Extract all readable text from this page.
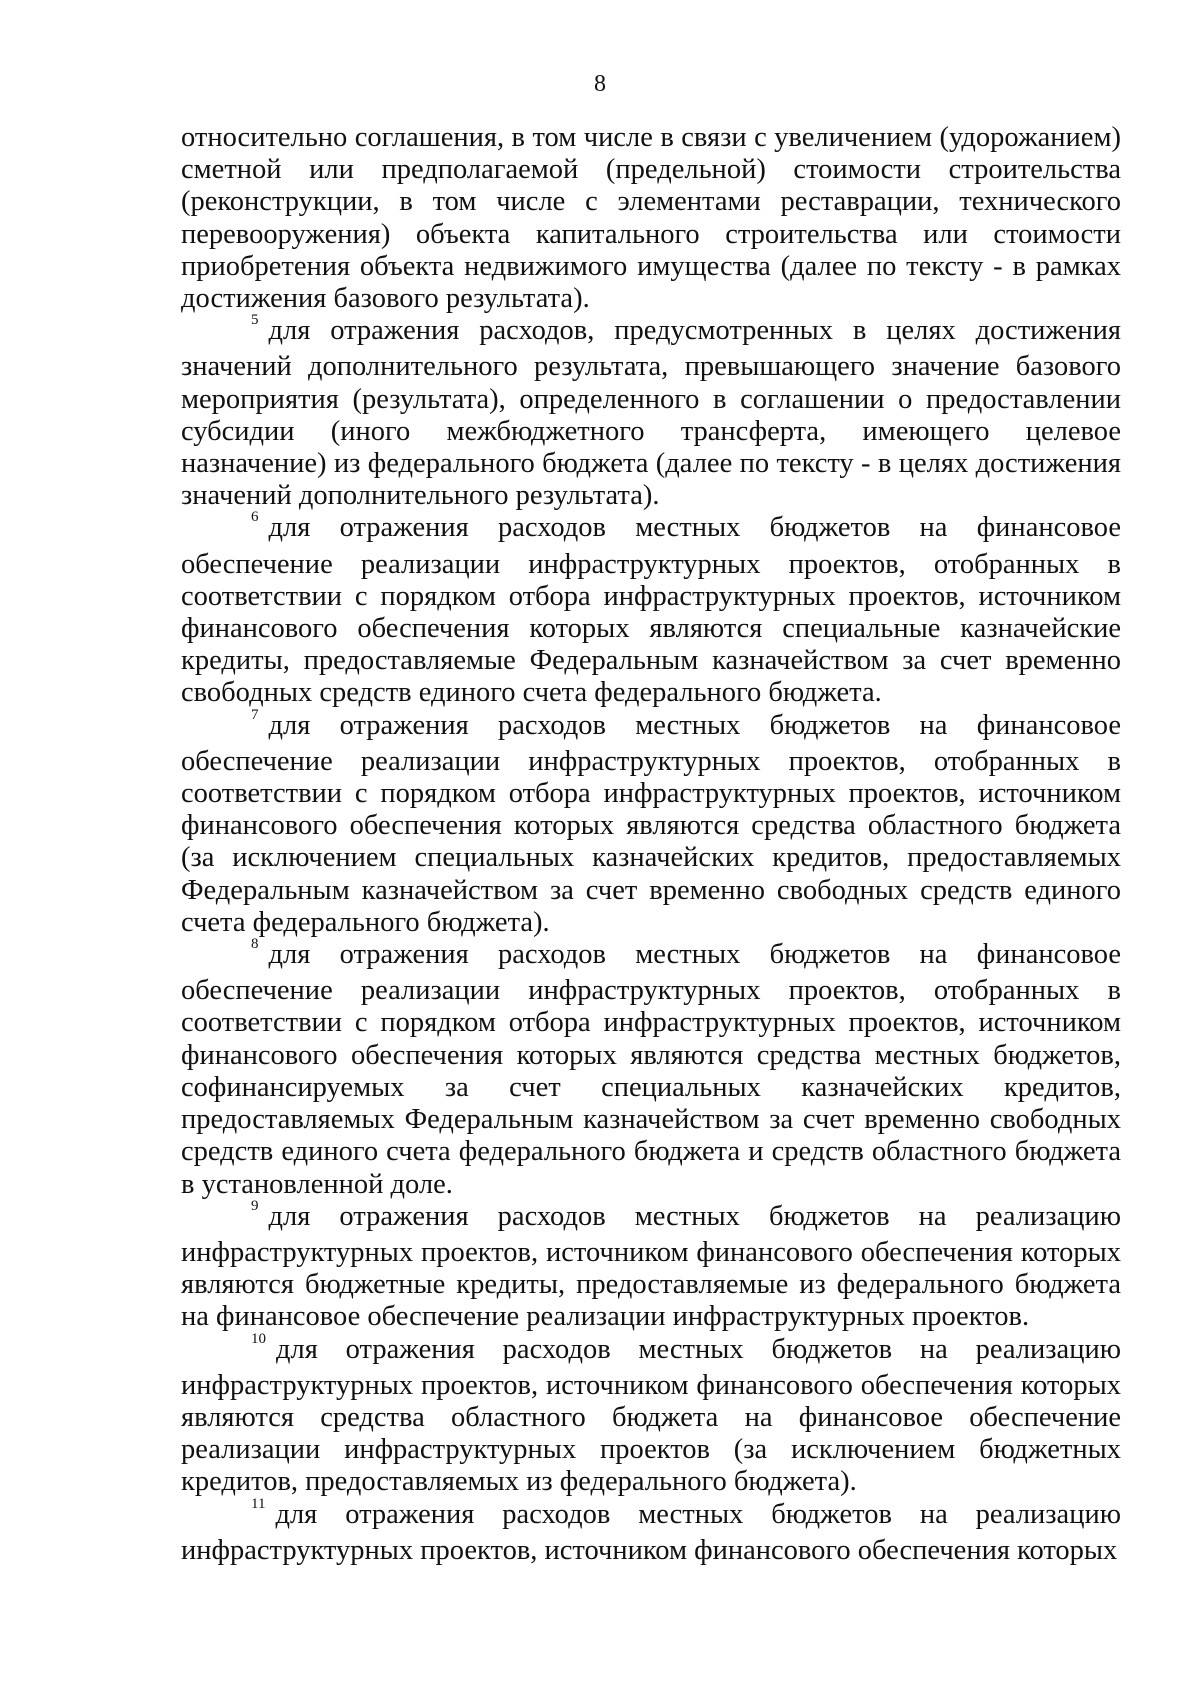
8

относительно соглашения, в том числе в связи с увеличением (удорожанием) сметной или предполагаемой (предельной) стоимости строительства (реконструкции, в том числе с элементами реставрации, технического перевооружения) объекта капитального строительства или стоимости приобретения объекта недвижимого имущества (далее по тексту - в рамках достижения базового результата).

$^5$ для отражения расходов, предусмотренных в целях достижения значений дополнительного результата, превышающего значение базового мероприятия (результата), определенного в соглашении о предоставлении субсидии (иного межбюджетного трансферта, имеющего целевое назначение) из федерального бюджета (далее по тексту - в целях достижения значений дополнительного результата).

$^6$ для отражения расходов местных бюджетов на финансовое обеспечение реализации инфраструктурных проектов, отобранных в соответствии с порядком отбора инфраструктурных проектов, источником финансового обеспечения которых являются специальные казначейские кредиты, предоставляемые Федеральным казначейством за счет временно свободных средств единого счета федерального бюджета.

$^7$ для отражения расходов местных бюджетов на финансовое обеспечение реализации инфраструктурных проектов, отобранных в соответствии с порядком отбора инфраструктурных проектов, источником финансового обеспечения которых являются средства областного бюджета (за исключением специальных казначейских кредитов, предоставляемых Федеральным казначейством за счет временно свободных средств единого счета федерального бюджета).

$^8$ для отражения расходов местных бюджетов на финансовое обеспечение реализации инфраструктурных проектов, отобранных в соответствии с порядком отбора инфраструктурных проектов, источником финансового обеспечения которых являются средства местных бюджетов, софинансируемых за счет специальных казначейских кредитов, предоставляемых Федеральным казначейством за счет временно свободных средств единого счета федерального бюджета и средств областного бюджета в установленной доле.

$^9$ для отражения расходов местных бюджетов на реализацию инфраструктурных проектов, источником финансового обеспечения которых являются бюджетные кредиты, предоставляемые из федерального бюджета на финансовое обеспечение реализации инфраструктурных проектов.

$^{10}$ для отражения расходов местных бюджетов на реализацию инфраструктурных проектов, источником финансового обеспечения которых являются средства областного бюджета на финансовое обеспечение реализации инфраструктурных проектов (за исключением бюджетных кредитов, предоставляемых из федерального бюджета).

$^{11}$ для отражения расходов местных бюджетов на реализацию инфраструктурных проектов, источником финансового обеспечения которых
